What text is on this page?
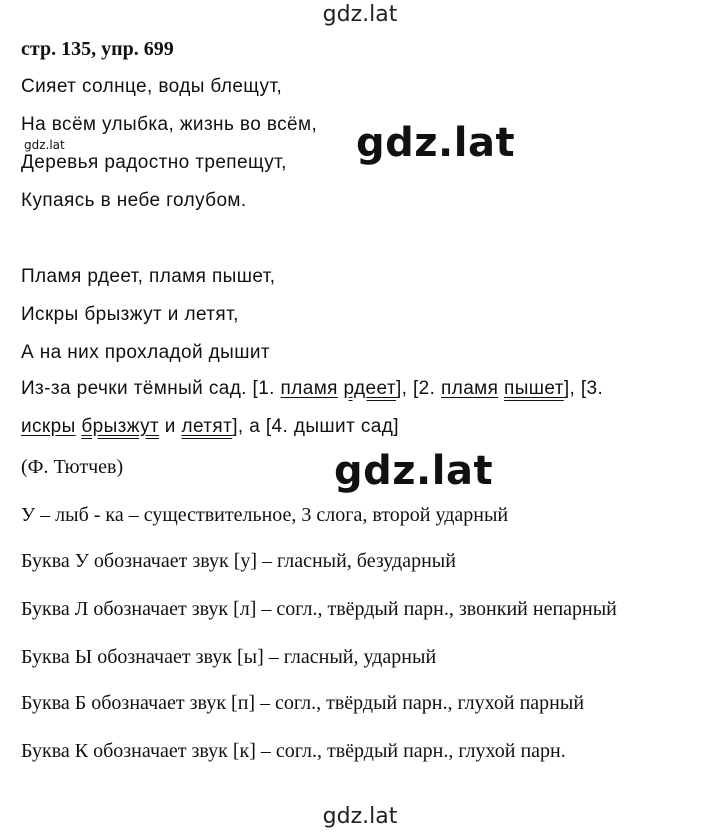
gdz.lat
стр. 135, упр. 699
Сияет солнце, воды блещут,
На всём улыбка, жизнь во всём,
Деревья радостно трепещут,
Купаясь в небе голубом.
gdz.lat	gdz.lat
Пламя рдеет, пламя пышет,
Искры брызжут и летят,
А на них прохладой дышит
Из-за речки тёмный сад. [1. пламя рдеет], [2. пламя пышет], [3.
искры брызжут и летят], а [4. дышит сад]
(Ф. Тютчев)	gdz.lat
У – лыб - ка – существительное, 3 слога, второй ударный
Буква У обозначает звук [у] – гласный, безударный
Буква Л обозначает звук [л] – согл., твёрдый парн., звонкий непарный
Буква Ы обозначает звук [ы] – гласный, ударный
Буква Б обозначает звук [п] – согл., твёрдый парн., глухой парный
Буква К обозначает звук [к] – согл., твёрдый парн., глухой парн.
gdz.lat
